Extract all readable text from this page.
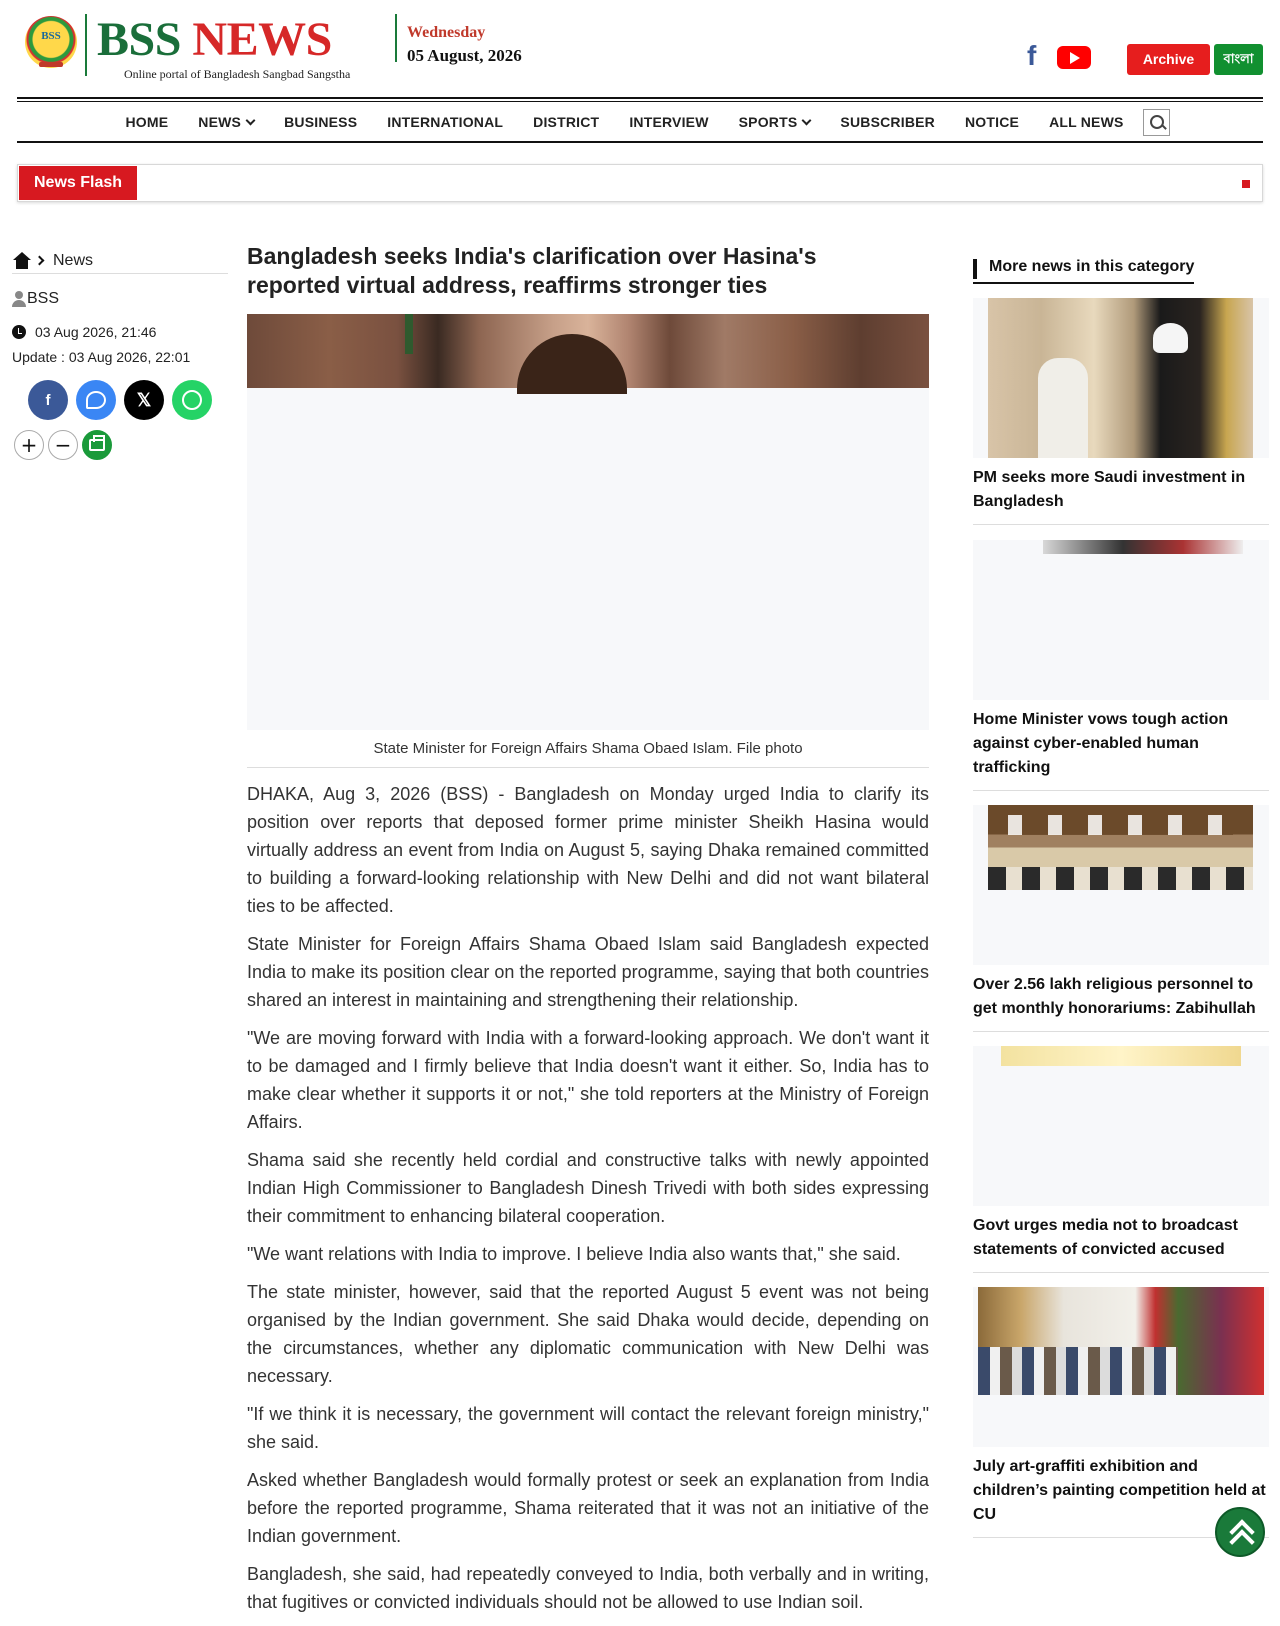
BSS BSS NEWS
Online portal of Bangladesh Sangbad Sangstha
Wednesday
05 August, 2026	f	Archive	বাংলা
HOME	NEWS	BUSINESS	INTERNATIONAL	DISTRICT	INTERVIEW	SPORTS	SUBSCRIBER	NOTICE	ALL NEWS
News Flash
News
BSS
03 Aug 2026, 21:46
Update : 03 Aug 2026, 22:01
f	𝕏
+ −
Bangladesh seeks India's clarification over Hasina's reported virtual address, reaffirms stronger ties
State Minister for Foreign Affairs Shama Obaed Islam. File photo

DHAKA, Aug 3, 2026 (BSS) - Bangladesh on Monday urged India to clarify its position over reports that deposed former prime minister Sheikh Hasina would virtually address an event from India on August 5, saying Dhaka remained committed to building a forward-looking relationship with New Delhi and did not want bilateral ties to be affected.

State Minister for Foreign Affairs Shama Obaed Islam said Bangladesh expected India to make its position clear on the reported programme, saying that both countries shared an interest in maintaining and strengthening their relationship.

"We are moving forward with India with a forward-looking approach. We don't want it to be damaged and I firmly believe that India doesn't want it either. So, India has to make clear whether it supports it or not," she told reporters at the Ministry of Foreign Affairs.

Shama said she recently held cordial and constructive talks with newly appointed Indian High Commissioner to Bangladesh Dinesh Trivedi with both sides expressing their commitment to enhancing bilateral cooperation.

"We want relations with India to improve. I believe India also wants that," she said.

The state minister, however, said that the reported August 5 event was not being organised by the Indian government. She said Dhaka would decide, depending on the circumstances, whether any diplomatic communication with New Delhi was necessary.

"If we think it is necessary, the government will contact the relevant foreign ministry," she said.

Asked whether Bangladesh would formally protest or seek an explanation from India before the reported programme, Shama reiterated that it was not an initiative of the Indian government.

Bangladesh, she said, had repeatedly conveyed to India, both verbally and in writing, that fugitives or convicted individuals should not be allowed to use Indian soil.

More news in this category
PM seeks more Saudi investment in Bangladesh
Home Minister vows tough action against cyber-enabled human trafficking
Over 2.56 lakh religious personnel to get monthly honorariums: Zabihullah
Govt urges media not to broadcast statements of convicted accused
July art-graffiti exhibition and children’s painting competition held at CU
